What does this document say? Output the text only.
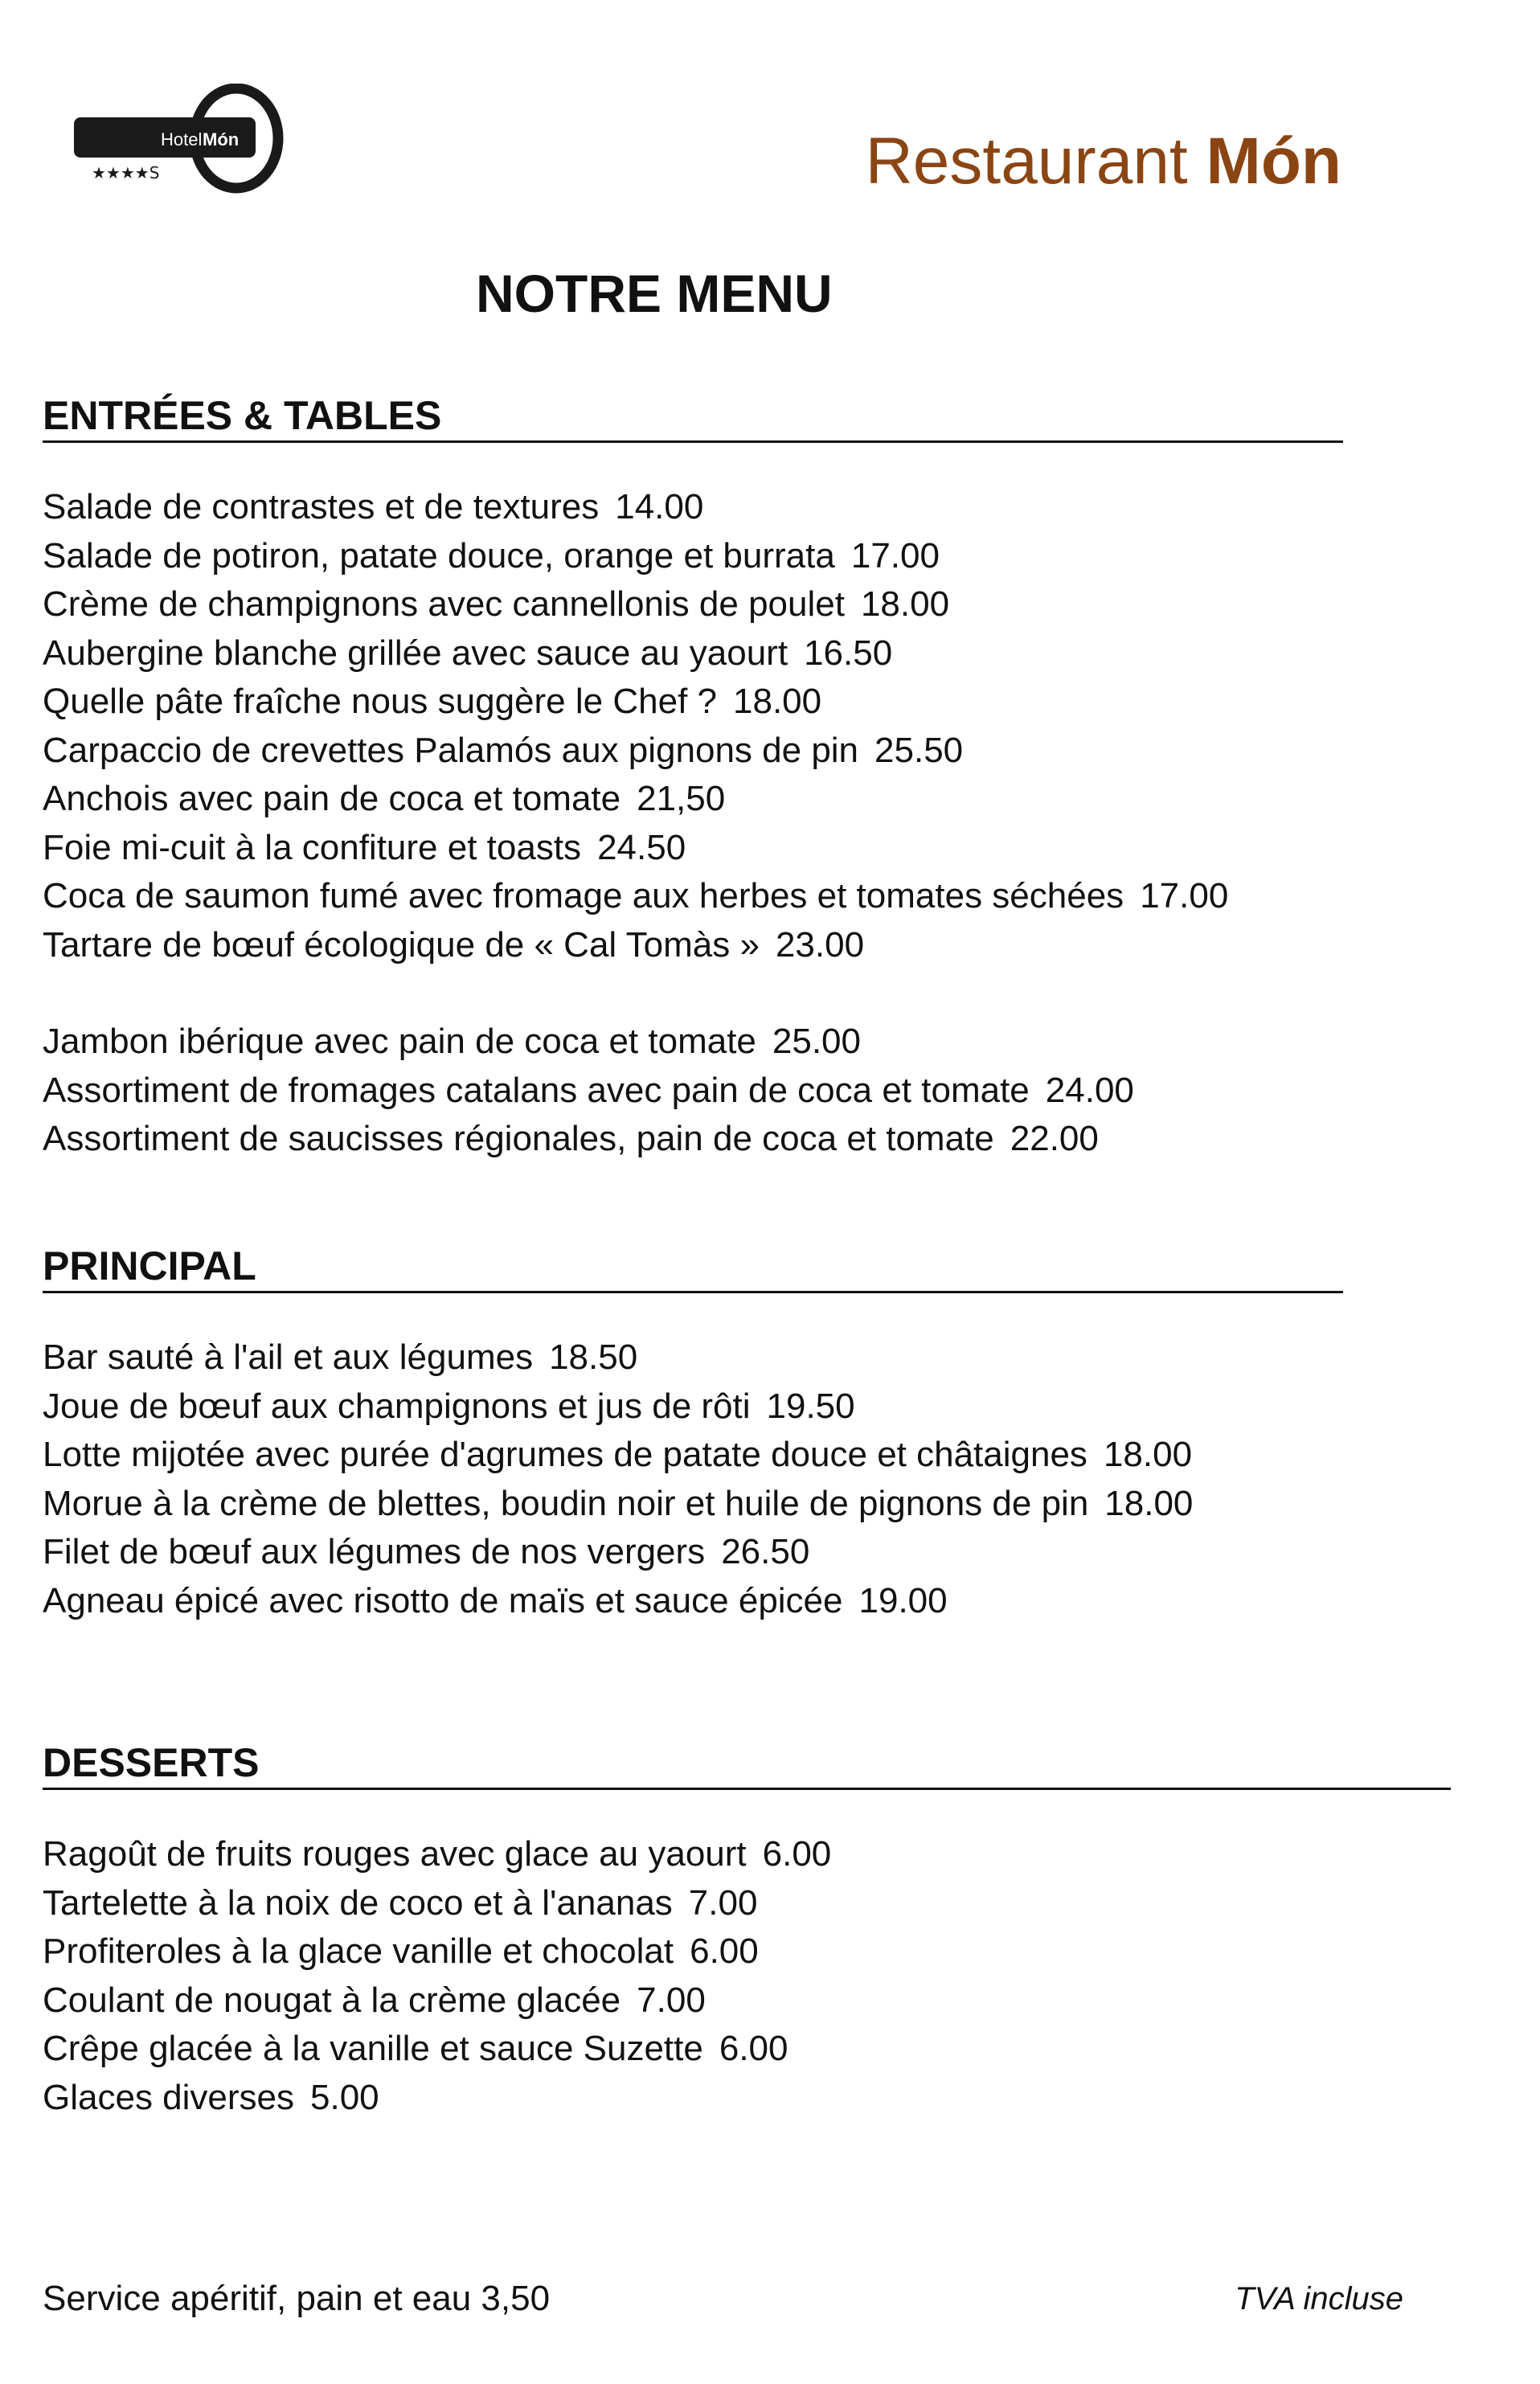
Hotel Món
★★★★S	Restaurant Món
NOTRE MENU
ENTRÉES & TABLES
Salade de contrastes et de textures 14.00
Salade de potiron, patate douce, orange et burrata 17.00
Crème de champignons avec cannellonis de poulet 18.00
Aubergine blanche grillée avec sauce au yaourt 16.50
Quelle pâte fraîche nous suggère le Chef ? 18.00
Carpaccio de crevettes Palamós aux pignons de pin 25.50
Anchois avec pain de coca et tomate 21,50
Foie mi-cuit à la confiture et toasts 24.50
Coca de saumon fumé avec fromage aux herbes et tomates séchées 17.00
Tartare de bœuf écologique de « Cal Tomàs » 23.00
Jambon ibérique avec pain de coca et tomate 25.00
Assortiment de fromages catalans avec pain de coca et tomate 24.00
Assortiment de saucisses régionales, pain de coca et tomate 22.00
PRINCIPAL
Bar sauté à l'ail et aux légumes 18.50
Joue de bœuf aux champignons et jus de rôti 19.50
Lotte mijotée avec purée d'agrumes de patate douce et châtaignes 18.00
Morue à la crème de blettes, boudin noir et huile de pignons de pin 18.00
Filet de bœuf aux légumes de nos vergers 26.50
Agneau épicé avec risotto de maïs et sauce épicée 19.00
DESSERTS
Ragoût de fruits rouges avec glace au yaourt 6.00
Tartelette à la noix de coco et à l'ananas 7.00
Profiteroles à la glace vanille et chocolat 6.00
Coulant de nougat à la crème glacée 7.00
Crêpe glacée à la vanille et sauce Suzette 6.00
Glaces diverses 5.00
Service apéritif, pain et eau 3,50	TVA incluse
